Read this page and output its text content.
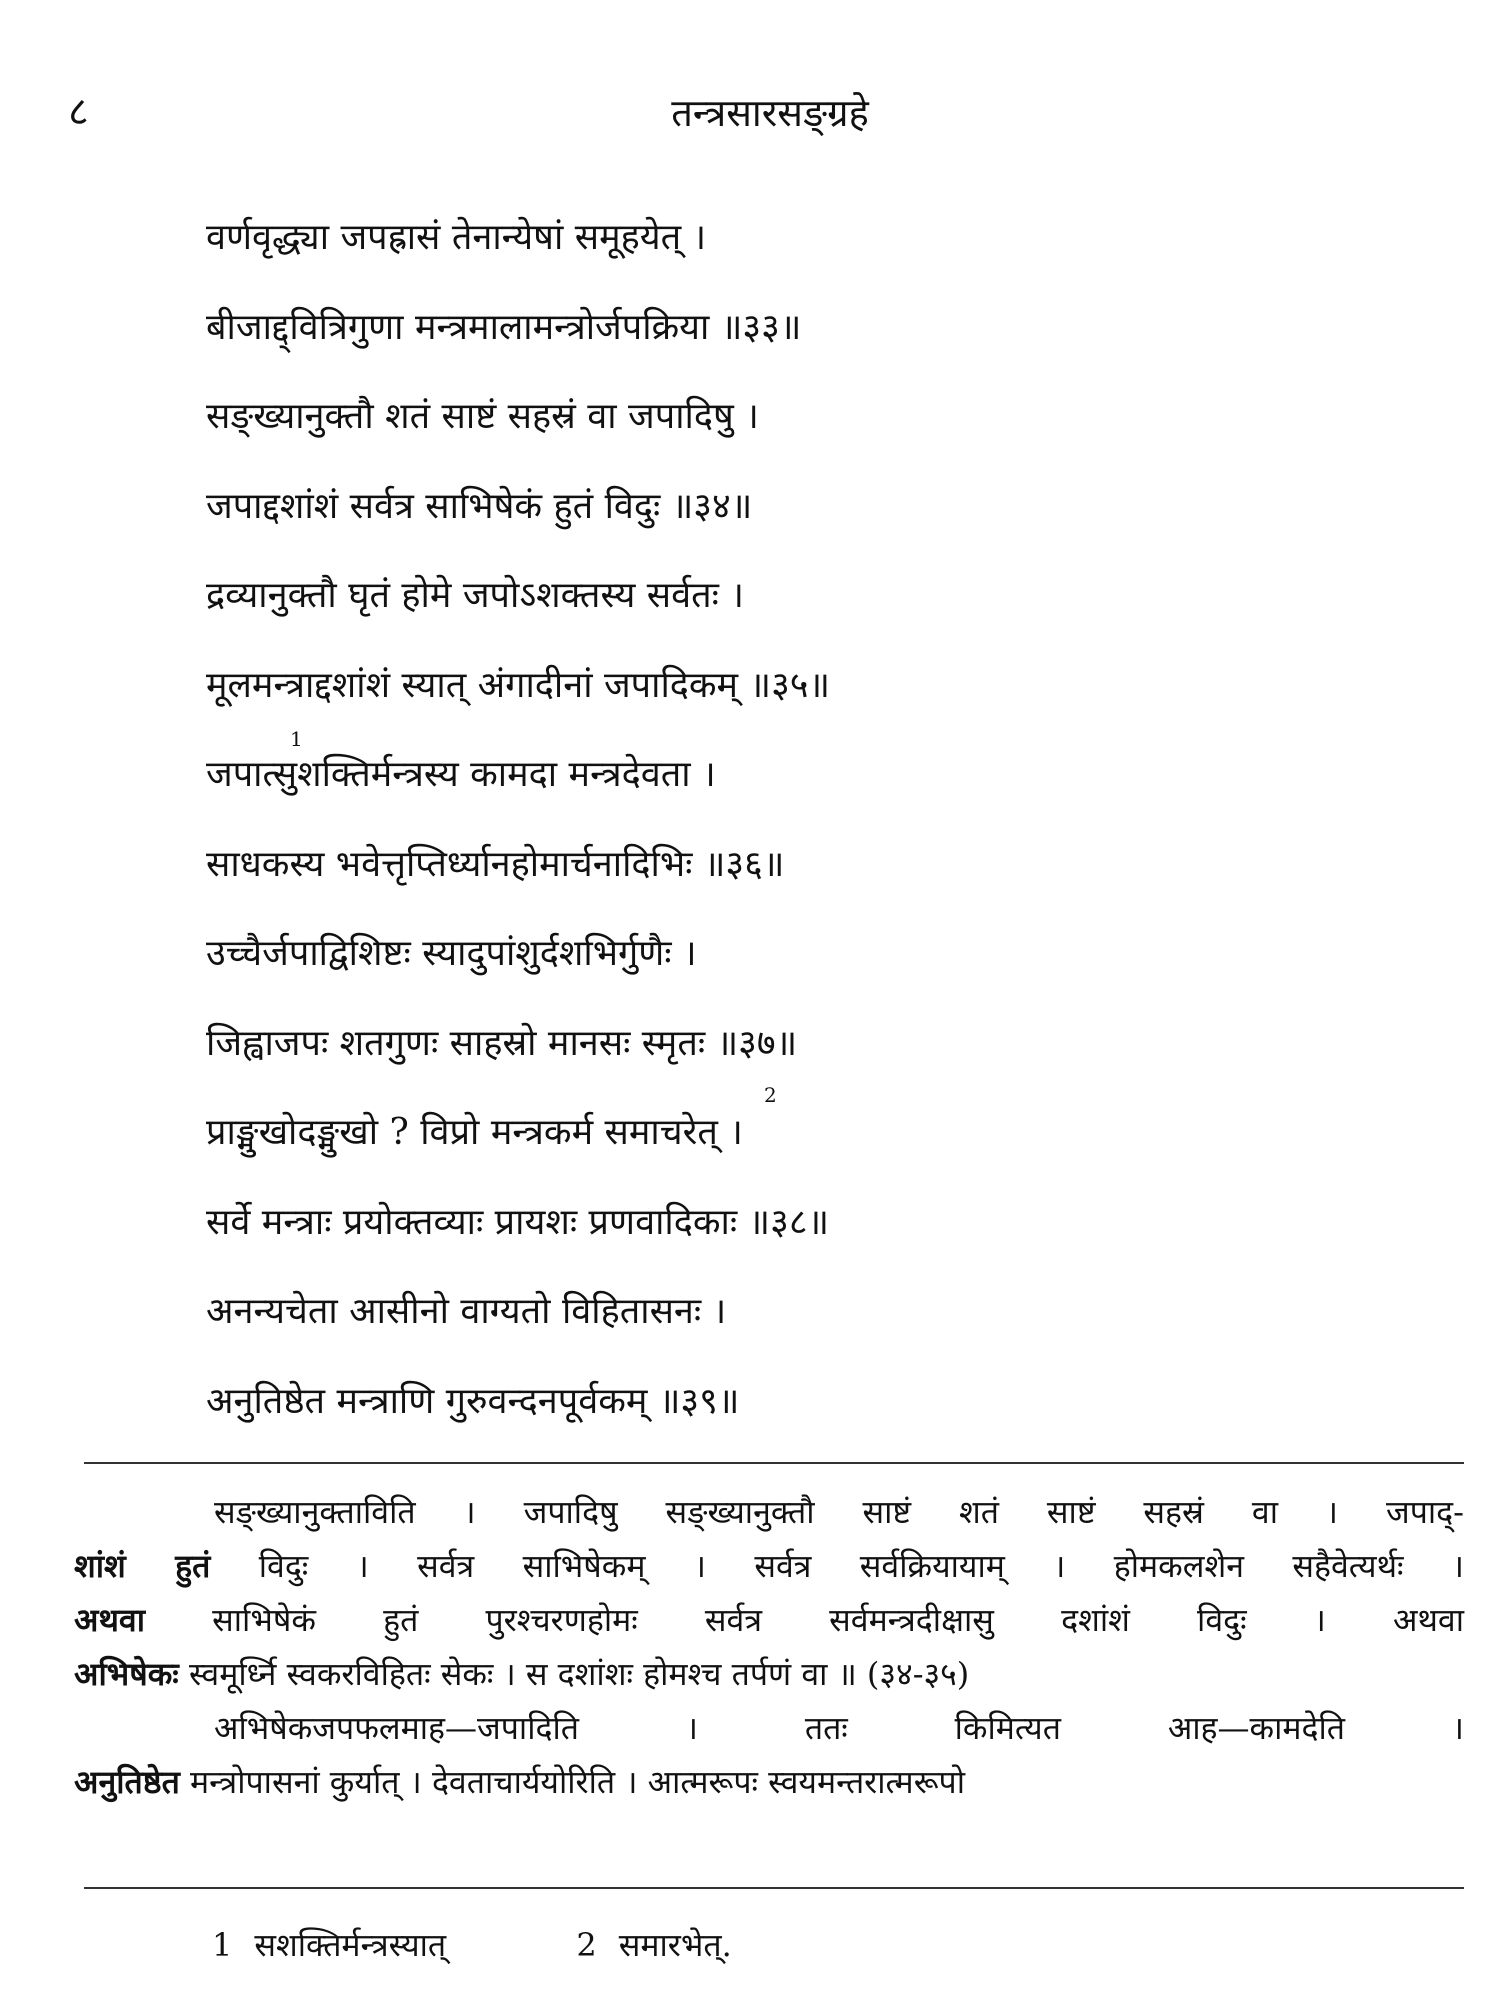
८	तन्त्रसारसङ्ग्रहे
वर्णवृद्ध्या जपह्रासं तेनान्येषां समूहयेत् ।
बीजाद्द्वित्रिगुणा मन्त्रमालामन्त्रोर्जपक्रिया ॥३३॥
सङ्ख्यानुक्तौ शतं साष्टं सहस्रं वा जपादिषु ।
जपाद्दशांशं सर्वत्र साभिषेकं हुतं विदुः ॥३४॥
द्रव्यानुक्तौ घृतं होमे जपोऽशक्तस्य सर्वतः ।
मूलमन्त्राद्दशांशं स्यात् अंगादीनां जपादिकम् ॥३५॥
1
जपात्सुशक्तिर्मन्त्रस्य कामदा मन्त्रदेवता ।
साधकस्य भवेत्तृप्तिर्ध्यानहोमार्चनादिभिः ॥३६॥
उच्चैर्जपाद्विशिष्टः स्यादुपांशुर्दशभिर्गुणैः ।
जिह्वाजपः शतगुणः साहस्रो मानसः स्मृतः ॥३७॥
2
प्राङ्मुखोदङ्मुखो ? विप्रो मन्त्रकर्म समाचरेत् ।
सर्वे मन्त्राः प्रयोक्तव्याः प्रायशः प्रणवादिकाः ॥३८॥
अनन्यचेता आसीनो वाग्यतो विहितासनः ।
अनुतिष्ठेत मन्त्राणि गुरुवन्दनपूर्वकम् ॥३९॥

सङ्ख्यानुक्ताविति । जपादिषु सङ्ख्यानुक्तौ साष्टं शतं साष्टं सहस्रं वा । जपाद्-

शांशं हुतं विदुः । सर्वत्र साभिषेकम् । सर्वत्र सर्वक्रियायाम् । होमकलशेन सहैवेत्यर्थः ।

अथवा साभिषेकं हुतं पुरश्चरणहोमः सर्वत्र सर्वमन्त्रदीक्षासु दशांशं विदुः । अथवा

अभिषेकः स्वमूर्ध्नि स्वकरविहितः सेकः । स दशांशः होमश्च तर्पणं वा ॥ (३४-३५)

अभिषेकजपफलमाह—जपादिति । ततः किमित्यत आह—कामदेति ।

अनुतिष्ठेत मन्त्रोपासनां कुर्यात् । देवताचार्ययोरिति । आत्मरूपः स्वयमन्तरात्मरूपो

1 सशक्तिर्मन्त्रस्यात्	2 समारभेत्.
